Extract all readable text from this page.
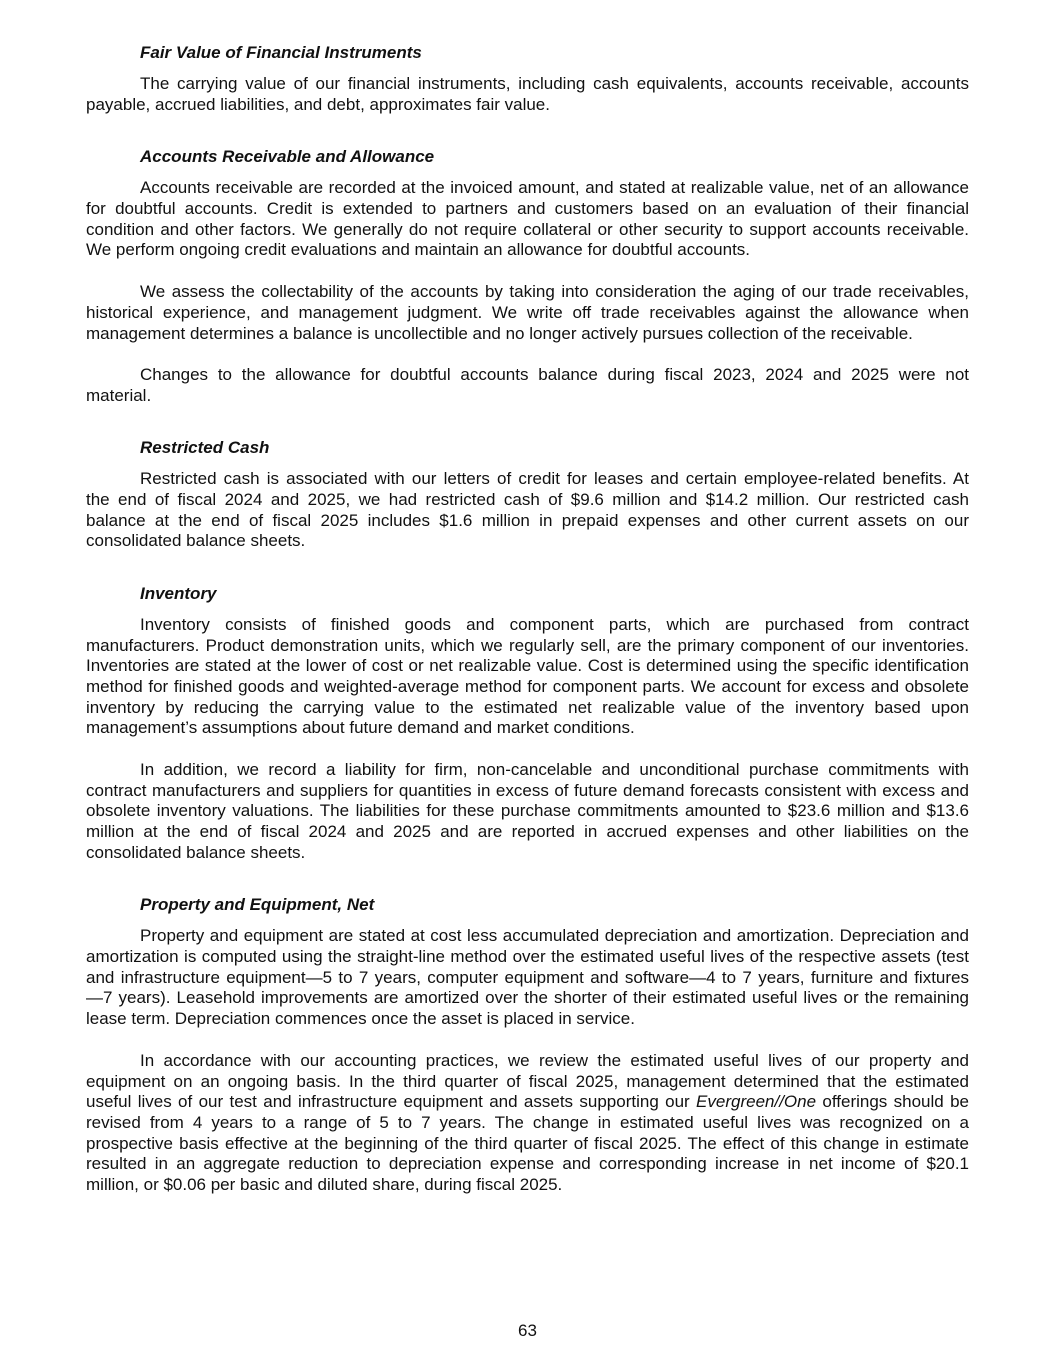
Fair Value of Financial Instruments
The carrying value of our financial instruments, including cash equivalents, accounts receivable, accounts
payable, accrued liabilities, and debt, approximates fair value.
Accounts Receivable and Allowance
Accounts receivable are recorded at the invoiced amount, and stated at realizable value, net of an allowance
for doubtful accounts. Credit is extended to partners and customers based on an evaluation of their financial
condition and other factors. We generally do not require collateral or other security to support accounts receivable.
We perform ongoing credit evaluations and maintain an allowance for doubtful accounts.
We assess the collectability of the accounts by taking into consideration the aging of our trade receivables,
historical experience, and management judgment. We write off trade receivables against the allowance when
management determines a balance is uncollectible and no longer actively pursues collection of the receivable.
Changes to the allowance for doubtful accounts balance during fiscal 2023, 2024 and 2025 were not
material.
Restricted Cash
Restricted cash is associated with our letters of credit for leases and certain employee-related benefits. At
the end of fiscal 2024 and 2025, we had restricted cash of $9.6 million and $14.2 million. Our restricted cash
balance at the end of fiscal 2025 includes $1.6 million in prepaid expenses and other current assets on our
consolidated balance sheets.
Inventory
Inventory consists of finished goods and component parts, which are purchased from contract
manufacturers. Product demonstration units, which we regularly sell, are the primary component of our inventories.
Inventories are stated at the lower of cost or net realizable value. Cost is determined using the specific identification
method for finished goods and weighted-average method for component parts. We account for excess and obsolete
inventory by reducing the carrying value to the estimated net realizable value of the inventory based upon
management’s assumptions about future demand and market conditions.
In addition, we record a liability for firm, non-cancelable and unconditional purchase commitments with
contract manufacturers and suppliers for quantities in excess of future demand forecasts consistent with excess and
obsolete inventory valuations. The liabilities for these purchase commitments amounted to $23.6 million and $13.6
million at the end of fiscal 2024 and 2025 and are reported in accrued expenses and other liabilities on the
consolidated balance sheets.
Property and Equipment, Net
Property and equipment are stated at cost less accumulated depreciation and amortization. Depreciation and
amortization is computed using the straight-line method over the estimated useful lives of the respective assets (test
and infrastructure equipment—5 to 7 years, computer equipment and software—4 to 7 years, furniture and fixtures
—7 years). Leasehold improvements are amortized over the shorter of their estimated useful lives or the remaining
lease term. Depreciation commences once the asset is placed in service.
In accordance with our accounting practices, we review the estimated useful lives of our property and
equipment on an ongoing basis. In the third quarter of fiscal 2025, management determined that the estimated
useful lives of our test and infrastructure equipment and assets supporting our Evergreen//One offerings should be
revised from 4 years to a range of 5 to 7 years. The change in estimated useful lives was recognized on a
prospective basis effective at the beginning of the third quarter of fiscal 2025. The effect of this change in estimate
resulted in an aggregate reduction to depreciation expense and corresponding increase in net income of $20.1
million, or $0.06 per basic and diluted share, during fiscal 2025.
63
